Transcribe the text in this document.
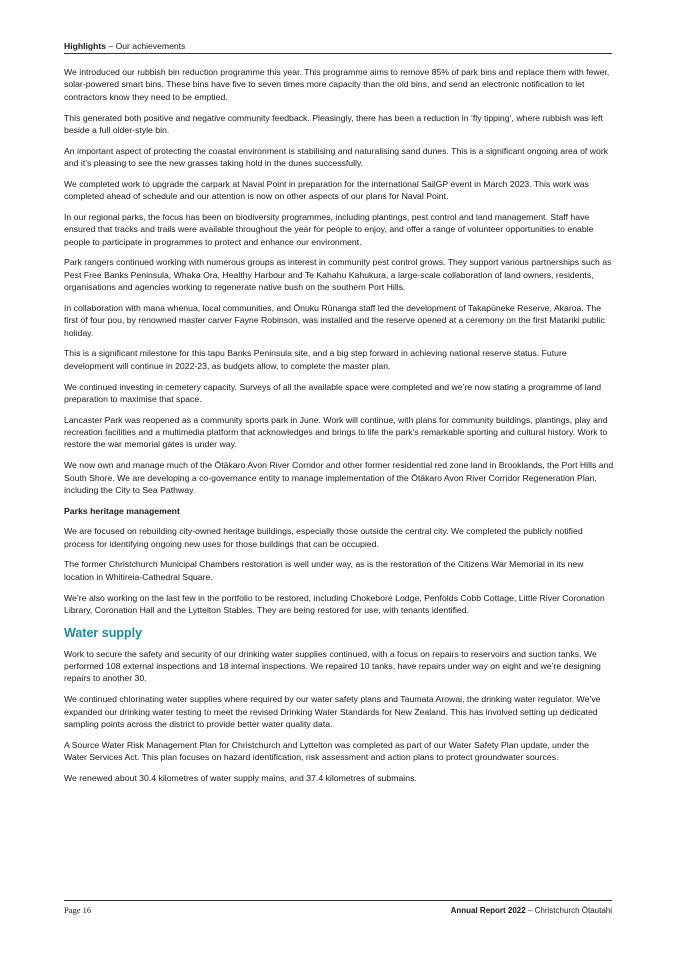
Highlights – Our achievements

We introduced our rubbish bin reduction programme this year. This programme aims to remove 85% of park bins and replace them with fewer, solar-powered smart bins. These bins have five to seven times more capacity than the old bins, and send an electronic notification to let contractors know they need to be emptied.

This generated both positive and negative community feedback. Pleasingly, there has been a reduction in ‘fly tipping’, where rubbish was left beside a full older-style bin.

An important aspect of protecting the coastal environment is stabilising and naturalising sand dunes. This is a significant ongoing area of work and it’s pleasing to see the new grasses taking hold in the dunes successfully.

We completed work to upgrade the carpark at Naval Point in preparation for the international SailGP event in March 2023. This work was completed ahead of schedule and our attention is now on other aspects of our plans for Naval Point.

In our regional parks, the focus has been on biodiversity programmes, including plantings, pest control and land management. Staff have ensured that tracks and trails were available throughout the year for people to enjoy, and offer a range of volunteer opportunities to enable people to participate in programmes to protect and enhance our environment.

Park rangers continued working with numerous groups as interest in community pest control grows. They support various partnerships such as Pest Free Banks Peninsula, Whaka Ora, Healthy Harbour and Te Kahahu Kahukura, a large-scale collaboration of land owners, residents, organisations and agencies working to regenerate native bush on the southern Port Hills.

In collaboration with mana whenua, local communities, and Ōnuku Rūnanga staff led the development of Takapūneke Reserve, Akaroa. The first of four pou, by renowned master carver Fayne Robinson, was installed and the reserve opened at a ceremony on the first Matariki public holiday.

This is a significant milestone for this tapu Banks Peninsula site, and a big step forward in achieving national reserve status. Future development will continue in 2022-23, as budgets allow, to complete the master plan.

We continued investing in cemetery capacity. Surveys of all the available space were completed and we’re now stating a programme of land preparation to maximise that space.

Lancaster Park was reopened as a community sports park in June. Work will continue, with plans for community buildings, plantings, play and recreation facilities and a multimedia platform that acknowledges and brings to life the park’s remarkable sporting and cultural history. Work to restore the war memorial gates is under way.

We now own and manage much of the Ōtākaro Avon River Corridor and other former residential red zone land in Brooklands, the Port Hills and South Shore. We are developing a co-governance entity to manage implementation of the Ōtākaro Avon River Corridor Regeneration Plan, including the City to Sea Pathway.

Parks heritage management

We are focused on rebuilding city-owned heritage buildings, especially those outside the central city. We completed the publicly notified process for identifying ongoing new uses for those buildings that can be occupied.

The former Christchurch Municipal Chambers restoration is well under way, as is the restoration of the Citizens War Memorial in its new location in Whitireia-Cathedral Square.

We’re also working on the last few in the portfolio to be restored, including Chokebore Lodge, Penfolds Cobb Cottage, Little River Coronation Library, Coronation Hall and the Lyttelton Stables. They are being restored for use, with tenants identified.

Water supply

Work to secure the safety and security of our drinking water supplies continued, with a focus on repairs to reservoirs and suction tanks. We performed 108 external inspections and 18 internal inspections. We repaired 10 tanks, have repairs under way on eight and we’re designing repairs to another 30.

We continued chlorinating water supplies where required by our water safety plans and Taumata Arowai, the drinking water regulator. We’ve expanded our drinking water testing to meet the revised Drinking Water Standards for New Zealand. This has involved setting up dedicated sampling points across the district to provide better water quality data.

A Source Water Risk Management Plan for Christchurch and Lyttelton was completed as part of our Water Safety Plan update, under the Water Services Act. This plan focuses on hazard identification, risk assessment and action plans to protect groundwater sources.

We renewed about 30.4 kilometres of water supply mains, and 37.4 kilometres of submains.

Page 16	Annual Report 2022 – Christchurch Ōtautahi
